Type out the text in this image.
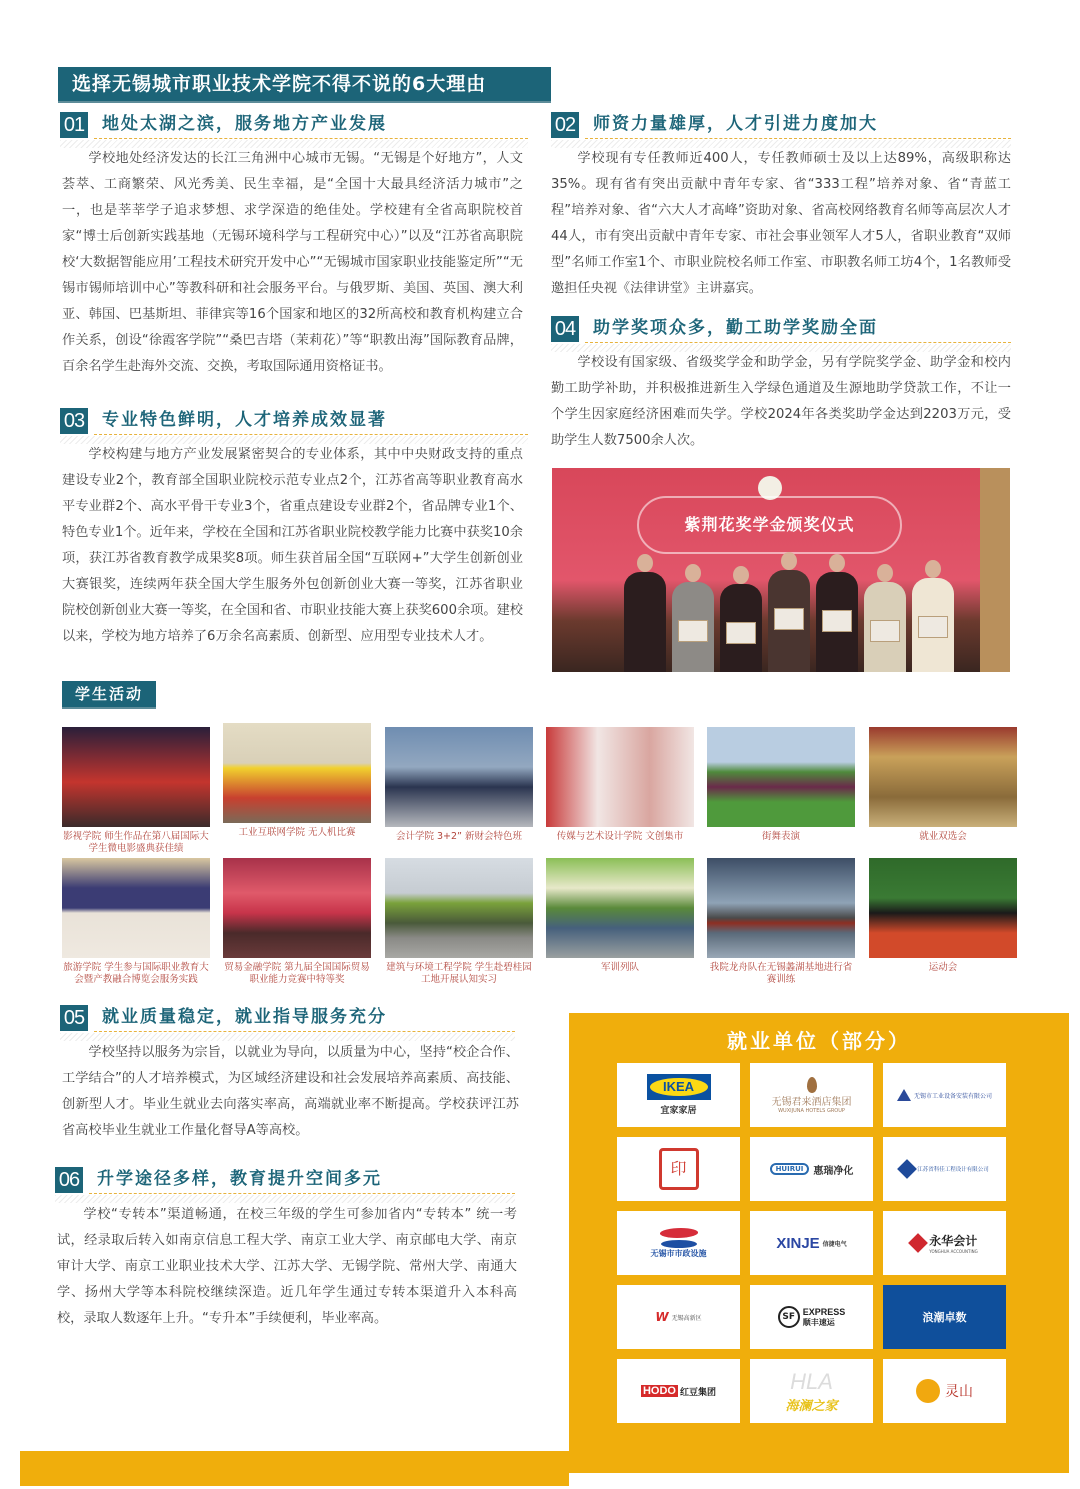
选择无锡城市职业技术学院不得不说的6大理由
01 地处太湖之滨，服务地方产业发展
学校地处经济发达的长江三角洲中心城市无锡。“无锡是个好地方”，人文荟萃、工商繁荣、风光秀美、民生幸福，是“全国十大最具经济活力城市”之一，也是莘莘学子追求梦想、求学深造的绝佳处。学校建有全省高职院校首家“博士后创新实践基地（无锡环境科学与工程研究中心）”以及“江苏省高职院校‘大数据智能应用’工程技术研究开发中心”“无锡城市国家职业技能鉴定所”“无锡市锡师培训中心”等教科研和社会服务平台。与俄罗斯、美国、英国、澳大利亚、韩国、巴基斯坦、菲律宾等16个国家和地区的32所高校和教育机构建立合作关系，创设“徐霞客学院”“桑巴吉塔（茉莉花）”等“职教出海”国际教育品牌，百余名学生赴海外交流、交换，考取国际通用资格证书。
02 师资力量雄厚，人才引进力度加大
学校现有专任教师近400人，专任教师硕士及以上达89%，高级职称达35%。现有省有突出贡献中青年专家、省“333工程”培养对象、省“青蓝工程”培养对象、省“六大人才高峰”资助对象、省高校网络教育名师等高层次人才44人，市有突出贡献中青年专家、市社会事业领军人才5人，省职业教育“双师型”名师工作室1个、市职业院校名师工作室、市职教名师工坊4个，1名教师受邀担任央视《法律讲堂》主讲嘉宾。
04 助学奖项众多，勤工助学奖励全面
学校设有国家级、省级奖学金和助学金，另有学院奖学金、助学金和校内勤工助学补助，并积极推进新生入学绿色通道及生源地助学贷款工作，不让一个学生因家庭经济困难而失学。学校2024年各类奖助学金达到2203万元，受助学生人数7500余人次。
03 专业特色鲜明，人才培养成效显著
学校构建与地方产业发展紧密契合的专业体系，其中中央财政支持的重点建设专业2个，教育部全国职业院校示范专业点2个，江苏省高等职业教育高水平专业群2个、高水平骨干专业3个，省重点建设专业群2个，省品牌专业1个、特色专业1个。近年来，学校在全国和江苏省职业院校教学能力比赛中获奖10余项，获江苏省教育教学成果奖8项。师生获首届全国“互联网+”大学生创新创业大赛银奖，连续两年获全国大学生服务外包创新创业大赛一等奖，江苏省职业院校创新创业大赛一等奖，在全国和省、市职业技能大赛上获奖600余项。建校以来，学校为地方培养了6万余名高素质、创新型、应用型专业技术人才。
紫荆花奖学金颁奖仪式
学生活动
影视学院 师生作品在第八届国际大学生微电影盛典获佳绩
工业互联网学院 无人机比赛	会计学院 3+2” 新财会特色班	传媒与艺术设计学院 文创集市	街舞表演	就业双选会
旅游学院 学生参与国际职业教育大会暨产教融合博览会服务实践
贸易金融学院 第九届全国国际贸易职业能力竞赛中特等奖
建筑与环境工程学院 学生赴碧桂园工地开展认知实习
军训列队	我院龙舟队在无锡蠡湖基地进行省赛训练
运动会
05 就业质量稳定，就业指导服务充分
学校坚持以服务为宗旨，以就业为导向，以质量为中心，坚持“校企合作、工学结合”的人才培养模式，为区域经济建设和社会发展培养高素质、高技能、创新型人才。毕业生就业去向落实率高，高端就业率不断提高。学校获评江苏省高校毕业生就业工作量化督导A等高校。
06 升学途径多样，教育提升空间多元
学校“专转本”渠道畅通，在校三年级的学生可参加省内“专转本” 统一考试，经录取后转入如南京信息工程大学、南京工业大学、南京邮电大学、南京审计大学、南京工业职业技术大学、江苏大学、无锡学院、常州大学、南通大学、扬州大学等本科院校继续深造。近几年学生通过专转本渠道升入本科高校，录取人数逐年上升。“专升本”手续便利，毕业率高。
就业单位（部分）
IKEA
宜家家居
无锡君来酒店集团
WUXIJUNA HOTELS GROUP
无锡市工业设备安装有限公司
印	HUIRUI	惠瑞净化	江苏省科佳工程设计有限公司
无锡市市政设施
XINJE 信捷电气	永华会计
YONGHUA ACCOUNTING
W 无锡高新区	SF
EXPRESS
顺丰速运	浪潮卓数
HODO 红豆集团	HLA
海澜之家
灵山
